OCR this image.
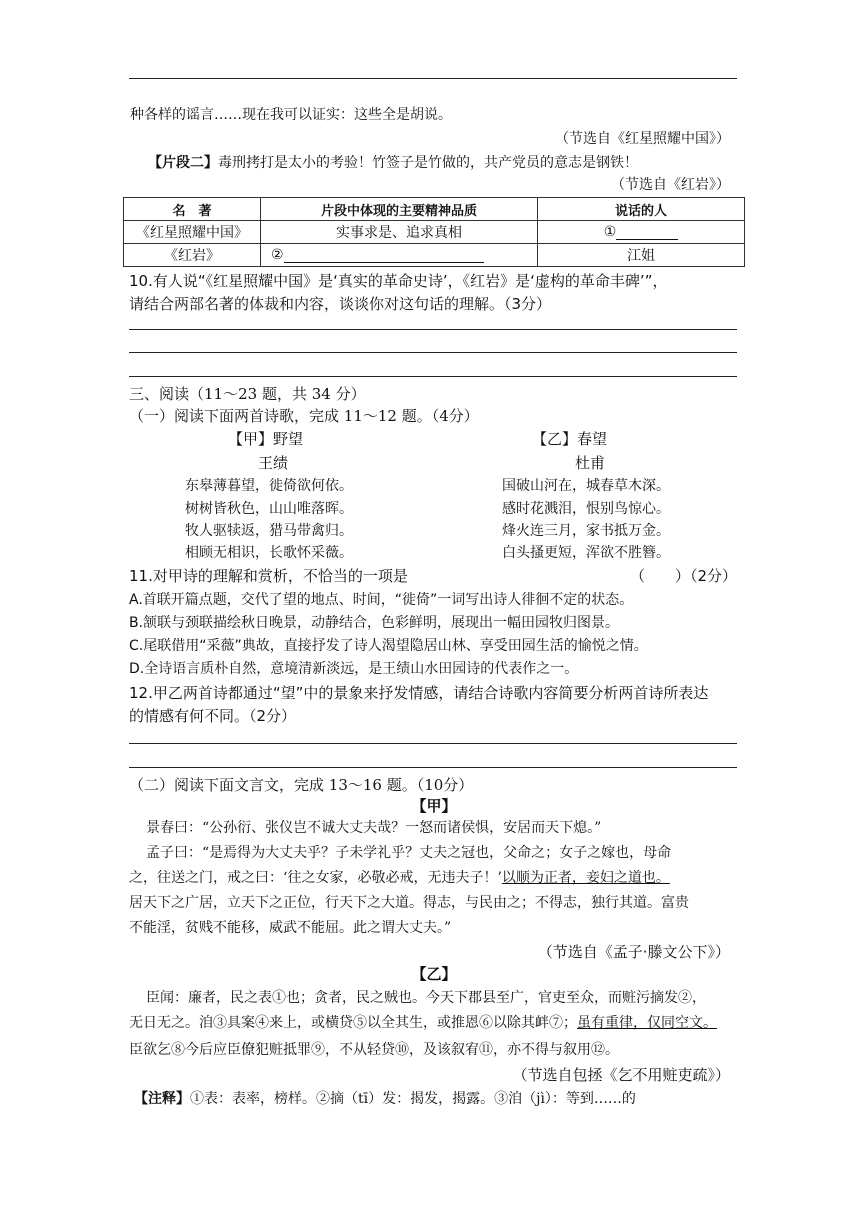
种各样的谣言……现在我可以证实：这些全是胡说。
（节选自《红星照耀中国》）
【片段二】毒刑拷打是太小的考验！竹签子是竹做的，共产党员的意志是钢铁！
（节选自《红岩》）
名　著	片段中体现的主要精神品质	说话的人
《红星照耀中国》	实事求是、追求真相	①
《红岩》	②	江姐
10.有人说“《红星照耀中国》是‘真实的革命史诗’，《红岩》是‘虚构的革命丰碑’”，
请结合两部名著的体裁和内容，谈谈你对这句话的理解。（3分）
三、阅读（11～23 题，共 34 分）
（一）阅读下面两首诗歌，完成 11～12 题。（4分）
【甲】野望
王绩
东皋薄暮望，徙倚欲何依。
树树皆秋色，山山唯落晖。
牧人驱犊返，猎马带禽归。
相顾无相识，长歌怀采薇。
【乙】春望
杜甫
国破山河在，城春草木深。
感时花溅泪，恨别鸟惊心。
烽火连三月，家书抵万金。
白头搔更短，浑欲不胜簪。
11.对甲诗的理解和赏析，不恰当的一项是	（　　）（2分）
A.首联开篇点题，交代了望的地点、时间，“徙倚”一词写出诗人徘徊不定的状态。
B.颔联与颈联描绘秋日晚景，动静结合，色彩鲜明，展现出一幅田园牧归图景。
C.尾联借用“采薇”典故，直接抒发了诗人渴望隐居山林、享受田园生活的愉悦之情。
D.全诗语言质朴自然，意境清新淡远，是王绩山水田园诗的代表作之一。
12.甲乙两首诗都通过“望”中的景象来抒发情感，请结合诗歌内容简要分析两首诗所表达
的情感有何不同。（2分）
（二）阅读下面文言文，完成 13～16 题。（10分）
【甲】
景春曰：“公孙衍、张仪岂不诚大丈夫哉？一怒而诸侯惧，安居而天下熄。”
孟子曰：“是焉得为大丈夫乎？子未学礼乎？丈夫之冠也，父命之；女子之嫁也，母命
之，往送之门，戒之曰：‘往之女家，必敬必戒，无违夫子！’以顺为正者，妾妇之道也。
居天下之广居，立天下之正位，行天下之大道。得志，与民由之；不得志，独行其道。富贵
不能淫，贫贱不能移，威武不能屈。此之谓大丈夫。”
（节选自《孟子·滕文公下》）
【乙】
臣闻：廉者，民之表①也；贪者，民之贼也。今天下郡县至广，官吏至众，而赃污摘发②，
无日无之。洎③具案④来上，或横贷⑤以全其生，或推恩⑥以除其衅⑦；虽有重律，仅同空文。
臣欲乞⑧今后应臣僚犯赃抵罪⑨，不从轻贷⑩，及该叙宥⑪，亦不得与叙用⑫。
（节选自包拯《乞不用赃吏疏》）
【注释】①表：表率，榜样。②摘（tī）发：揭发，揭露。③洎（jì）：等到……的
